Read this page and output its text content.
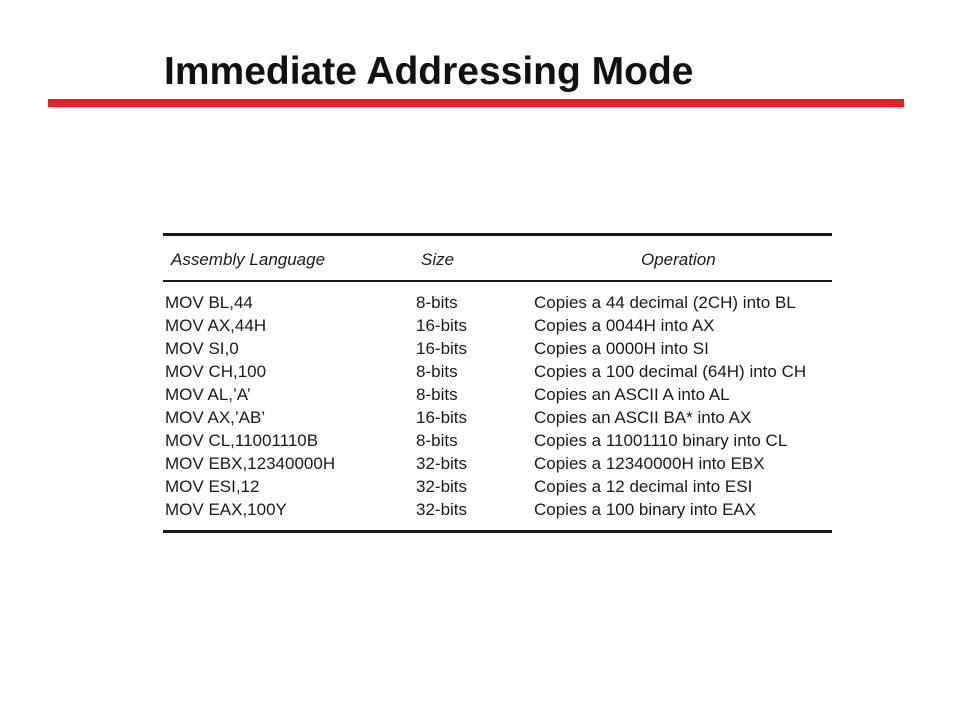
Immediate Addressing Mode
Assembly Language	Size	Operation
MOV BL,44	8-bits	Copies a 44 decimal (2CH) into BL
MOV AX,44H	16-bits	Copies a 0044H into AX
MOV SI,0	16-bits	Copies a 0000H into SI
MOV CH,100	8-bits	Copies a 100 decimal (64H) into CH
MOV AL,’A’	8-bits	Copies an ASCII A into AL
MOV AX,’AB’	16-bits	Copies an ASCII BA* into AX
MOV CL,11001110B	8-bits	Copies a 11001110 binary into CL
MOV EBX,12340000H	32-bits	Copies a 12340000H into EBX
MOV ESI,12	32-bits	Copies a 12 decimal into ESI
MOV EAX,100Y	32-bits	Copies a 100 binary into EAX
